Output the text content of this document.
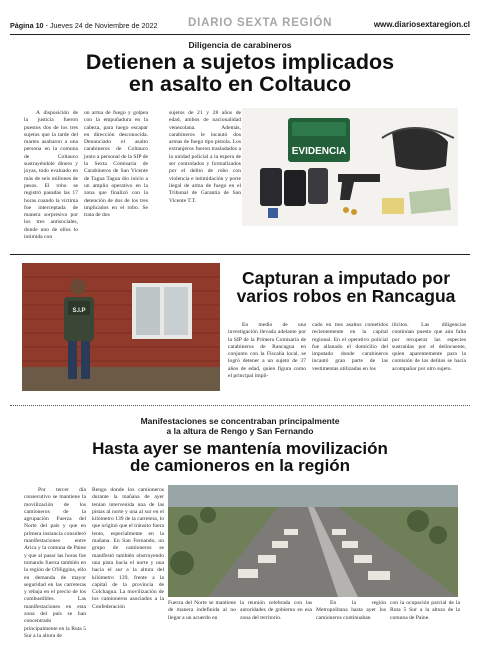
Página 10 - Jueves 24 de Noviembre de 2022	DIARIO SEXTA REGIÓN	www.diariosextaregion.cl
Diligencia de carabineros
Detienen a sujetos implicados
en asalto en Coltauco
A disposición de la justicia fueron puestos dos de los tres sujetos que la tarde del martes asaltaron a una persona en la comuna de Coltauco sustrayéndole dinero y joyas, todo evaluado en más de seis millones de pesos. El robo se registró pasadas las 17 horas cuando la víctima fue interceptada de manera sorpresiva por los tres antisociales, donde uno de ellos lo intimida con
un arma de fuego y golpea con la empuñadura en la cabeza, para luego escapar en dirección desconocida. Denunciado el asalto carabineros de Coltauco junto a personal de la SIP de la Sexta Comisaría de Carabineros de San Vicente de Tagua Tagua dio inicio a un amplio operativo en la zona que finalizó con la detención de dos de los tres implicados en el robo. Se trata de dos
sujetos de 21 y 28 años de edad, ambos de nacionalidad venezolana. Además, carabineros le incautó dos armas de fuego tipo pistola. Los extranjeros fueron trasladados a la unidad policial a la espera de ser controlados y formalizados por el delito de robo con violencia e intimidación y porte ilegal de arma de fuego en el Tribunal de Garantía de San Vicente T.T.
EVIDENCIA
S.I.P
Capturan a imputado por
varios robos en Rancagua
En medio de una investigación llevada adelante por la SIP de la Primera Comisaría de carabineros de Rancagua en conjunto con la Fiscalía local, se logró detener a un sujeto de 37 años de edad, quien figura como el principal impli-
cado en tres asaltos cometidos recientemente en la capital regional. En el operativo policial fue allanado el domicilio del imputado donde carabineros incautó gran parte de las vestimentas utilizadas en los
ilícitos. Las diligencias continúan puesto que aún falta por recuperar las especies sustraídas por el delincuente, quien aparentemente para la comisión de los delitos se hacía acompañar por otro sujeto.
Manifestaciones se concentraban principalmente
a la altura de Rengo y San Fernando
Hasta ayer se mantenía movilización
de camioneros en la región
Por tercer día consecutivo se mantiene la movilización de los camioneros de la agrupación Fuerza del Norte del país y que en primera instancia consideró manifestaciones entre Arica y la comuna de Paine y que al pasar las horas fue tomando fuerza también en la región de O'Higgins, ello en demanda de mayor seguridad en las carreteras y rebaja en el precio de los combustibles. Las manifestaciones en esta zona del país se han concentrado principalmente en la Ruta 5 Sur a la altura de
Rengo donde los camioneros durante la mañana de ayer tenían intervenida una de las pistas al norte y una al sur en el kilómetro 139 de la carretera, lo que originó que el tránsito fuera lento, especialmente en la mañana. En San Fernando, un grupo de camioneros se manifestó también obstruyendo una pista hacia el norte y una hacia el sur a la altura del kilómetro 139, frente a la capital de la provincia de Colchagua. La movilización de los camioneros asociados a la Confederación
Fuerza del Norte se mantiene de manera indefinida al no llegar a un acuerdo en
la reunión celebrada con las autoridades de gobierno en esa zona del territorio.
En la región Metropolitana hasta ayer los camioneros continuaban
con la ocupación parcial de la Ruta 5 Sur a la altura de la comuna de Paine.
